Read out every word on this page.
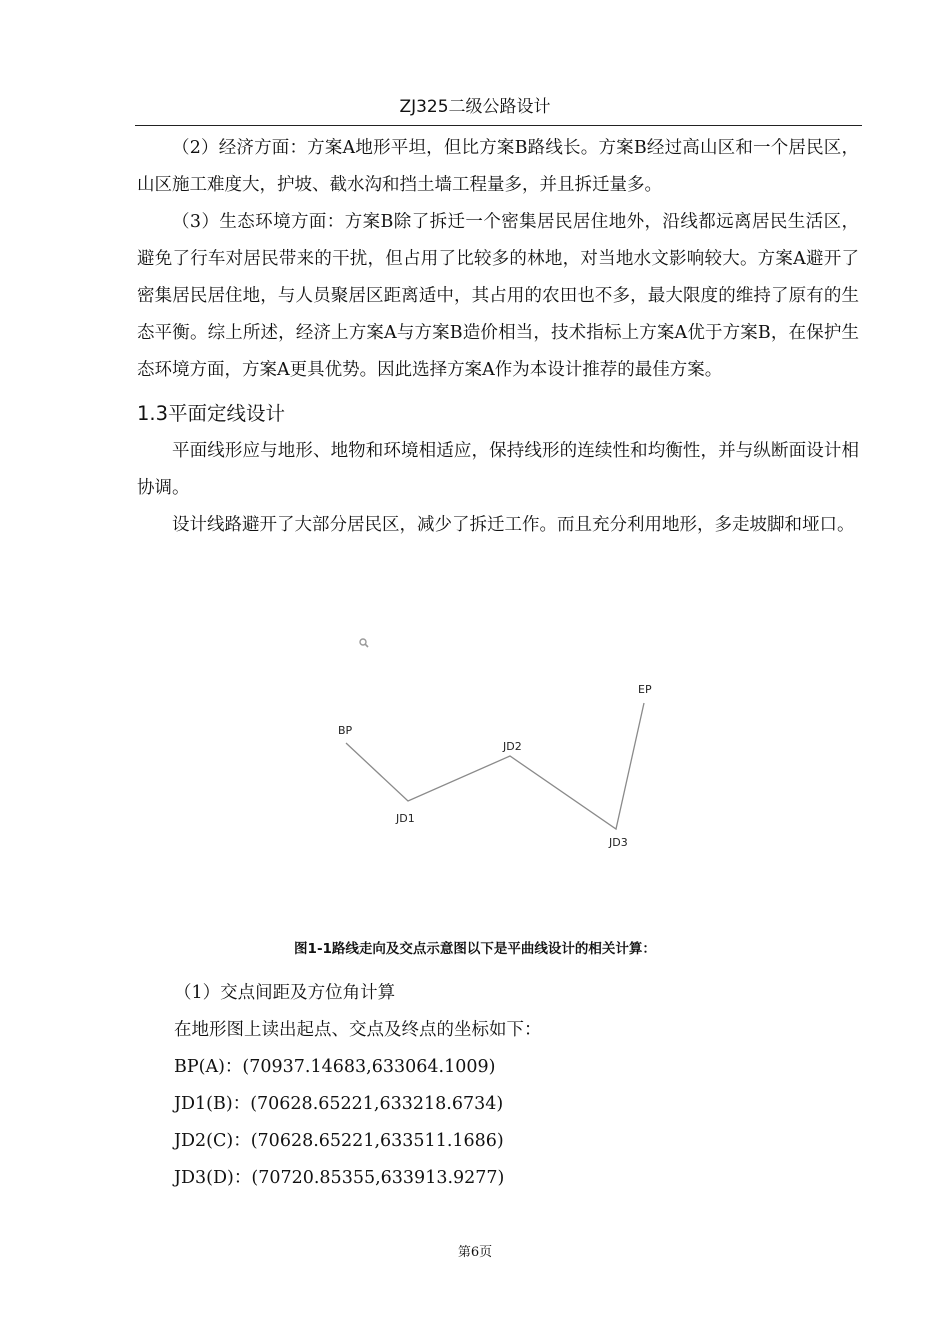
ZJ325二级公路设计

（2）经济方面：方案A地形平坦，但比方案B路线长。方案B经过高山区和一个居民区，山区施工难度大，护坡、截水沟和挡土墙工程量多，并且拆迁量多。

（3）生态环境方面：方案B除了拆迁一个密集居民居住地外，沿线都远离居民生活区，避免了行车对居民带来的干扰，但占用了比较多的林地，对当地水文影响较大。方案A避开了密集居民居住地，与人员聚居区距离适中，其占用的农田也不多，最大限度的维持了原有的生态平衡。综上所述，经济上方案A与方案B造价相当，技术指标上方案A优于方案B，在保护生态环境方面，方案A更具优势。因此选择方案A作为本设计推荐的最佳方案。

1.3平面定线设计

平面线形应与地形、地物和环境相适应，保持线形的连续性和均衡性，并与纵断面设计相协调。

设计线路避开了大部分居民区，减少了拆迁工作。而且充分利用地形，多走坡脚和垭口。

BP
JD1
JD2
JD3
EP
图1-1路线走向及交点示意图以下是平曲线设计的相关计算：

（1）交点间距及方位角计算

在地形图上读出起点、交点及终点的坐标如下：

BP(A)：(70937.14683,633064.1009)

JD1(B)：(70628.65221,633218.6734)

JD2(C)：(70628.65221,633511.1686)

JD3(D)：(70720.85355,633913.9277)

第6页
